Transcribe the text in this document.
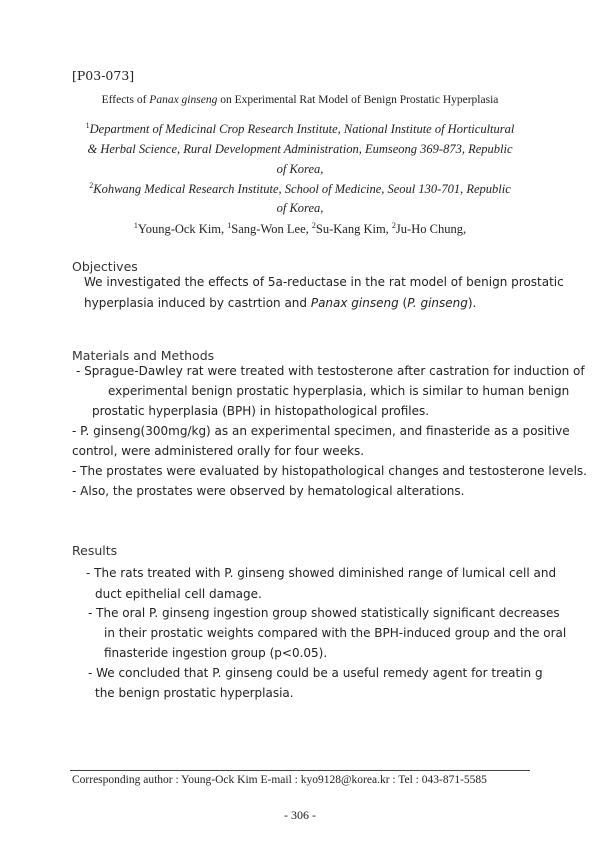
[P03-073]
Effects of Panax ginseng on Experimental Rat Model of Benign Prostatic Hyperplasia
$^1$Department of Medicinal Crop Research Institute, National Institute of Horticultural
& Herbal Science, Rural Development Administration, Eumseong 369-873, Republic
of Korea,
$^2$Kohwang Medical Research Institute, School of Medicine, Seoul 130-701, Republic
of Korea,
$^1$Young-Ock Kim, $^1$Sang-Won Lee, $^2$Su-Kang Kim, $^2$Ju-Ho Chung,
Objectives
We investigated the effects of 5a-reductase in the rat model of benign prostatic
hyperplasia induced by castrtion and Panax ginseng (P. ginseng).
Materials and Methods
- Sprague-Dawley rat were treated with testosterone after castration for induction of
experimental benign prostatic hyperplasia, which is similar to human benign
prostatic hyperplasia (BPH) in histopathological profiles.
- P. ginseng(300mg/kg) as an experimental specimen, and finasteride as a positive
control, were administered orally for four weeks.
- The prostates were evaluated by histopathological changes and testosterone levels.
- Also, the prostates were observed by hematological alterations.
Results
- The rats treated with P. ginseng showed diminished range of lumical cell and
duct epithelial cell damage.
- The oral P. ginseng ingestion group showed statistically significant decreases
in their prostatic weights compared with the BPH-induced group and the oral
finasteride ingestion group (p<0.05).
- We concluded that P. ginseng could be a useful remedy agent for treatin g
the benign prostatic hyperplasia.
Corresponding author : Young-Ock Kim E-mail : kyo9128@korea.kr : Tel : 043-871-5585
- 306 -
